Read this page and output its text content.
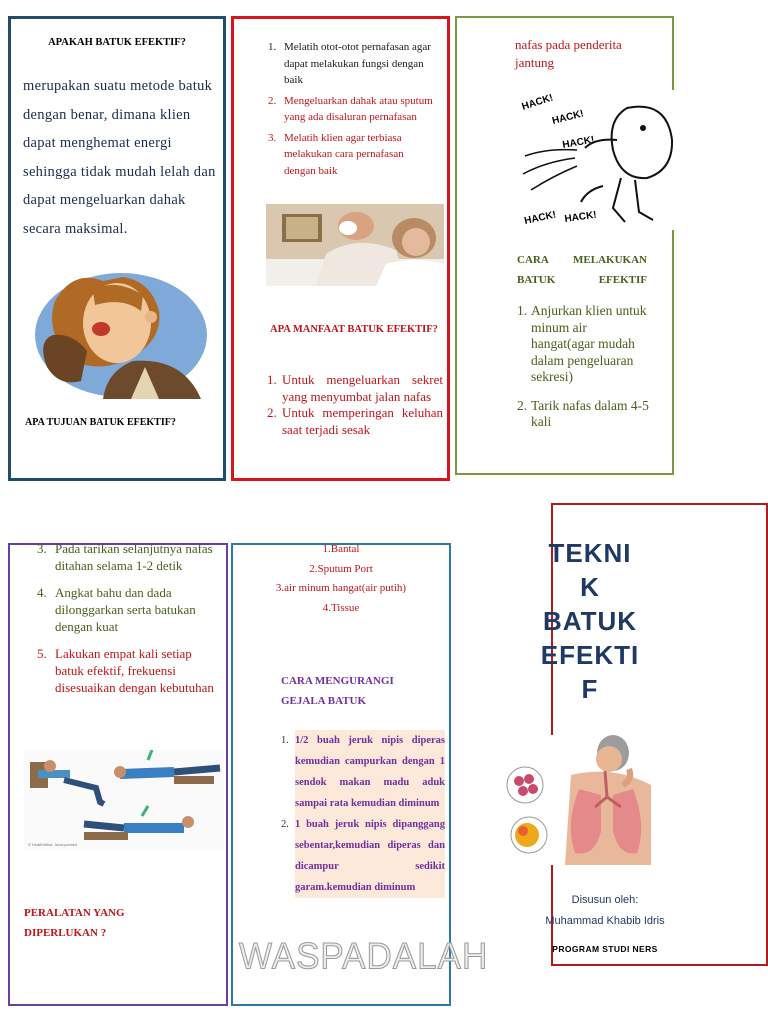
APAKAH BATUK EFEKTIF?
merupakan suatu metode batuk dengan benar, dimana klien dapat menghemat energi sehingga tidak mudah lelah dan dapat mengeluarkan dahak secara maksimal.
APA TUJUAN BATUK EFEKTIF?
1. Melatih otot-otot pernafasan agar dapat melakukan fungsi dengan baik
2. Mengeluarkan dahak atau sputum yang ada disaluran pernafasan
3. Melatih klien agar terbiasa melakukan cara pernafasan dengan baik
APA MANFAAT BATUK EFEKTIF?
1. Untuk mengeluarkan sekret yang menyumbat jalan nafas
2. Untuk memperingan keluhan saat terjadi sesak
nafas pada penderita jantung
HACK!
HACK!
HACK!
HACK! HACK!
CARA MELAKUKAN BATUK EFEKTIF
1. Anjurkan klien untuk minum air hangat(agar mudah dalam pengeluaran sekresi)
2. Tarik nafas dalam 4-5 kali
3. Pada tarikan selanjutnya nafas ditahan selama 1-2 detik
4. Angkat bahu dan dada dilonggarkan serta batukan dengan kuat
5. Lakukan empat kali setiap batuk efektif, frekuensi disesuaikan dengan kebutuhan
© HealthWise, Incorporated
PERALATAN YANG DIPERLUKAN ?
1.Bantal
2.Sputum Port
3.air minum hangat(air putih)
4.Tissue
CARA MENGURANGI GEJALA BATUK
1. 1/2 buah jeruk nipis diperas kemudian campurkan dengan 1 sendok makan madu aduk sampai rata kemudian diminum
2. 1 buah jeruk nipis dipanggang sebentar,kemudian diperas dan dicampur sedikit garam.kemudian diminum
WASPADALAH
TEKNI
K
BATUK
EFEKTI
F
Disusun oleh:
Muhammad Khabib Idris
PROGRAM STUDI NERS
